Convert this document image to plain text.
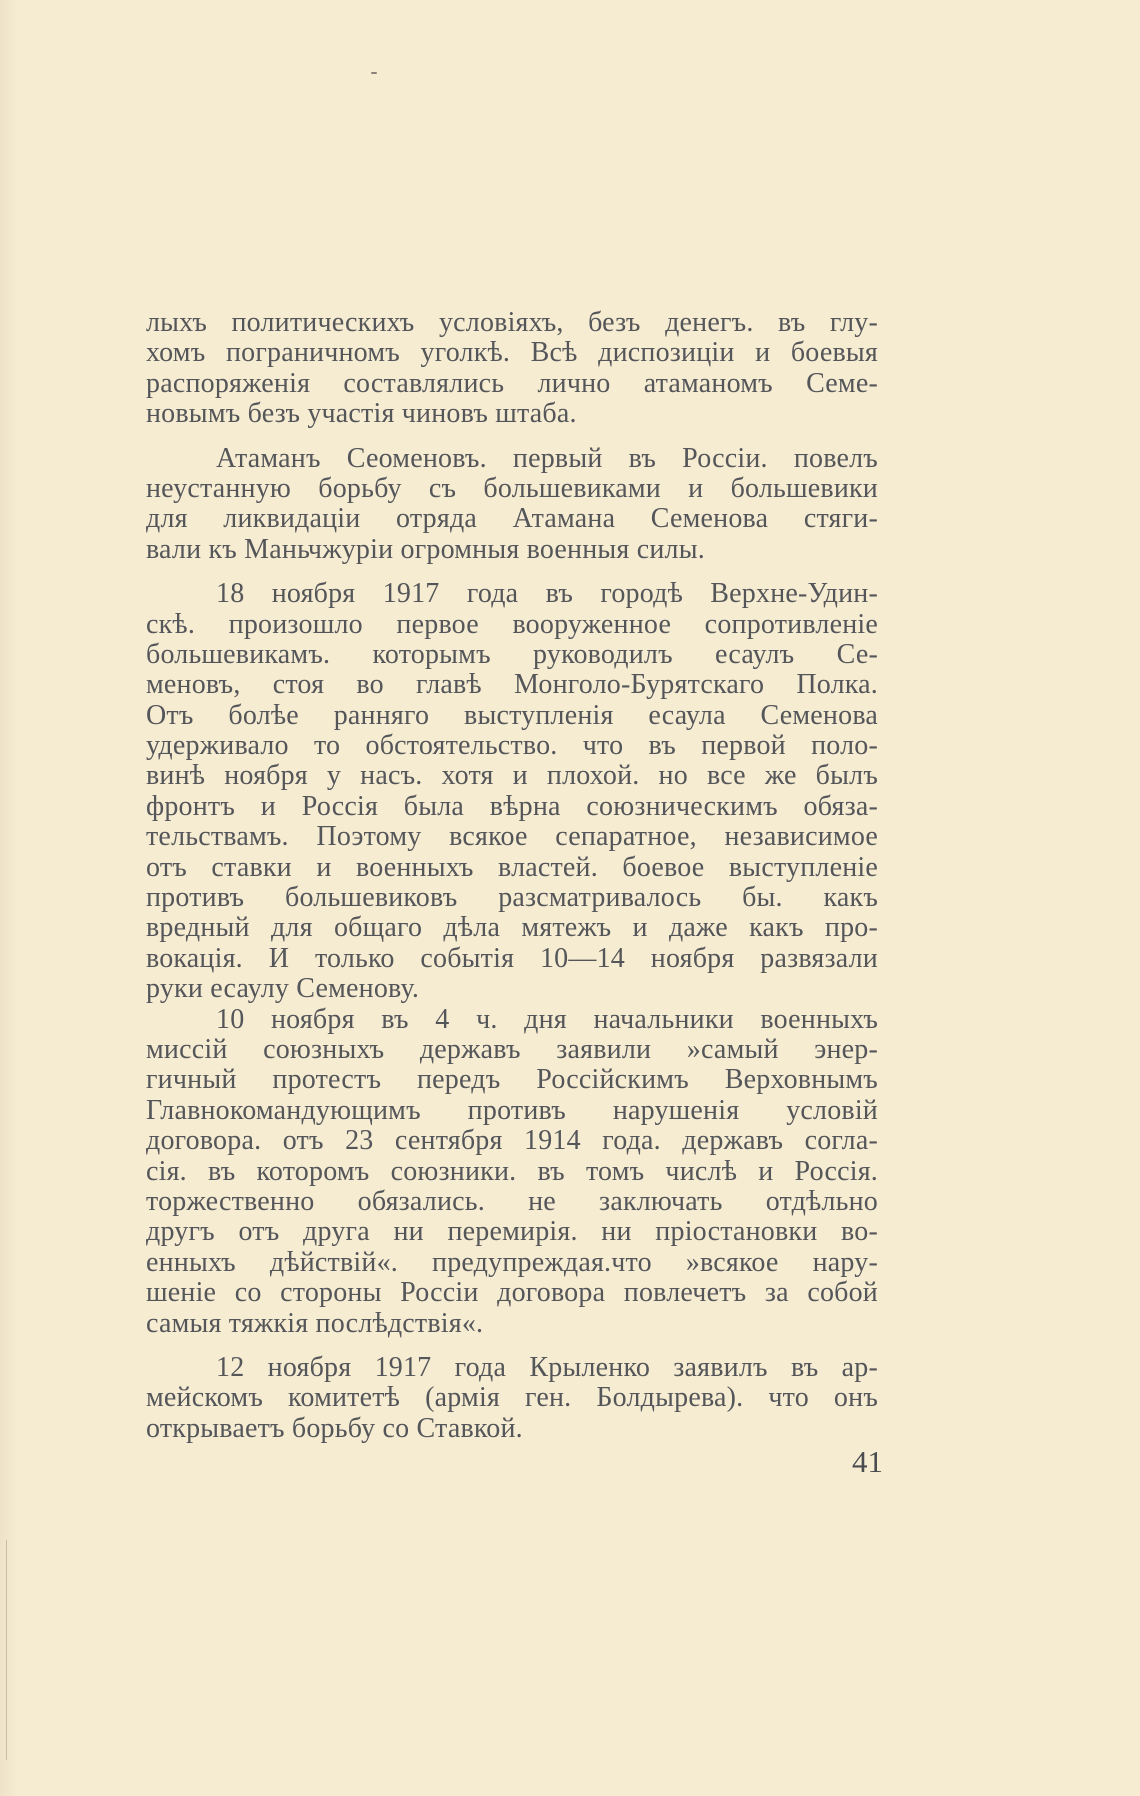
лыхъ политическихъ условіяхъ, безъ денегъ. въ глу-
хомъ пограничномъ уголкѣ. Всѣ диспозиціи и боевыя
распоряженія составлялись лично атаманомъ Семе-
новымъ безъ участія чиновъ штаба.
Атаманъ Сеоменовъ. первый въ Россіи. повелъ
неустанную борьбу съ большевиками и большевики
для ликвидаціи отряда Атамана Семенова стяги-
вали къ Маньчжуріи огромныя военныя силы.
18 ноября 1917 года въ городѣ Верхне-Удин-
скѣ. произошло первое вооруженное сопротивленіе
большевикамъ. которымъ руководилъ есаулъ Се-
меновъ, стоя во главѣ Монголо-Бурятскаго Полка.
Отъ болѣе ранняго выступленія есаула Семенова
удерживало то обстоятельство. что въ первой поло-
винѣ ноября у насъ. хотя и плохой. но все же былъ
фронтъ и Россія была вѣрна союзническимъ обяза-
тельствамъ. Поэтому всякое сепаратное, независимое
отъ ставки и военныхъ властей. боевое выступленіе
противъ большевиковъ разсматривалось бы. какъ
вредный для общаго дѣла мятежъ и даже какъ про-
вокація. И только событія 10—14 ноября развязали
руки есаулу Семенову.
10 ноября въ 4 ч. дня начальники военныхъ
миссій союзныхъ державъ заявили »самый энер-
гичный протестъ передъ Россійскимъ Верховнымъ
Главнокомандующимъ противъ нарушенія условій
договора. отъ 23 сентября 1914 года. державъ согла-
сія. въ которомъ союзники. въ томъ числѣ и Россія.
торжественно обязались. не заключать отдѣльно
другъ отъ друга ни перемирія. ни пріостановки во-
енныхъ дѣйствій«. предупреждая.что »всякое нару-
шеніе со стороны Россіи договора повлечетъ за собой
самыя тяжкія послѣдствія«.
12 ноября 1917 года Крыленко заявилъ въ ар-
мейскомъ комитетѣ (армія ген. Болдырева). что онъ
открываетъ борьбу со Ставкой.
41
